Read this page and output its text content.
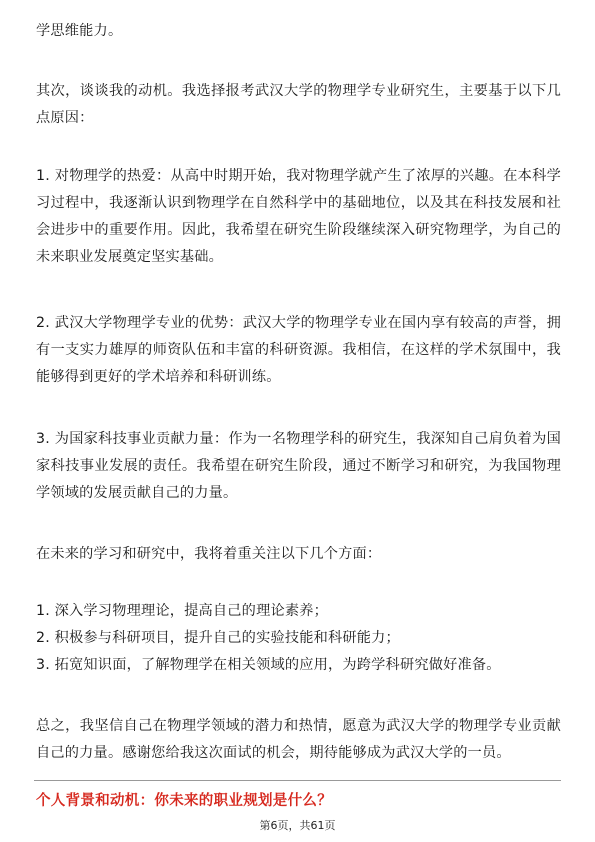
学思维能力。

其次，谈谈我的动机。我选择报考武汉大学的物理学专业研究生，主要基于以下几点原因：

1. 对物理学的热爱：从高中时期开始，我对物理学就产生了浓厚的兴趣。在本科学习过程中，我逐渐认识到物理学在自然科学中的基础地位，以及其在科技发展和社会进步中的重要作用。因此，我希望在研究生阶段继续深入研究物理学，为自己的未来职业发展奠定坚实基础。

2. 武汉大学物理学专业的优势：武汉大学的物理学专业在国内享有较高的声誉，拥有一支实力雄厚的师资队伍和丰富的科研资源。我相信，在这样的学术氛围中，我能够得到更好的学术培养和科研训练。

3. 为国家科技事业贡献力量：作为一名物理学科的研究生，我深知自己肩负着为国家科技事业发展的责任。我希望在研究生阶段，通过不断学习和研究，为我国物理学领域的发展贡献自己的力量。

在未来的学习和研究中，我将着重关注以下几个方面：

1. 深入学习物理理论，提高自己的理论素养；
2. 积极参与科研项目，提升自己的实验技能和科研能力；
3. 拓宽知识面，了解物理学在相关领域的应用，为跨学科研究做好准备。

总之，我坚信自己在物理学领域的潜力和热情，愿意为武汉大学的物理学专业贡献自己的力量。感谢您给我这次面试的机会，期待能够成为武汉大学的一员。

个人背景和动机：你未来的职业规划是什么？

第6页，共61页
